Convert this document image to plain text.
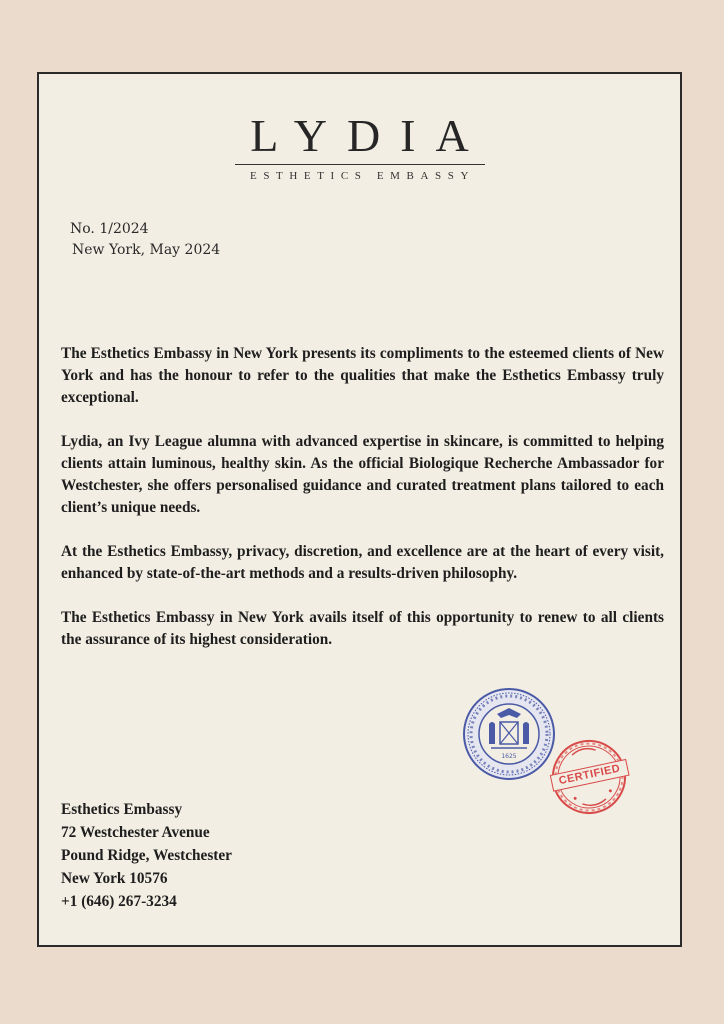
LYDIA
ESTHETICS EMBASSY
No. 1/2024
New York, May 2024

The Esthetics Embassy in New York presents its compliments to the esteemed clients of New York and has the honour to refer to the qualities that make the Esthetics Embassy truly exceptional.

Lydia, an Ivy League alumna with advanced expertise in skincare, is committed to helping clients attain luminous, healthy skin. As the official Biologique Recherche Ambassador for Westchester, she offers personalised guidance and curated treatment plans tailored to each client’s unique needs.

At the Esthetics Embassy, privacy, discretion, and excellence are at the heart of every visit, enhanced by state-of-the-art methods and a results-driven philosophy.

The Esthetics Embassy in New York avails itself of this opportunity to renew to all clients the assurance of its highest consideration.

1625
CERTIFIED
Esthetics Embassy
72 Westchester Avenue
Pound Ridge, Westchester
New York 10576
+1 (646) 267-3234
